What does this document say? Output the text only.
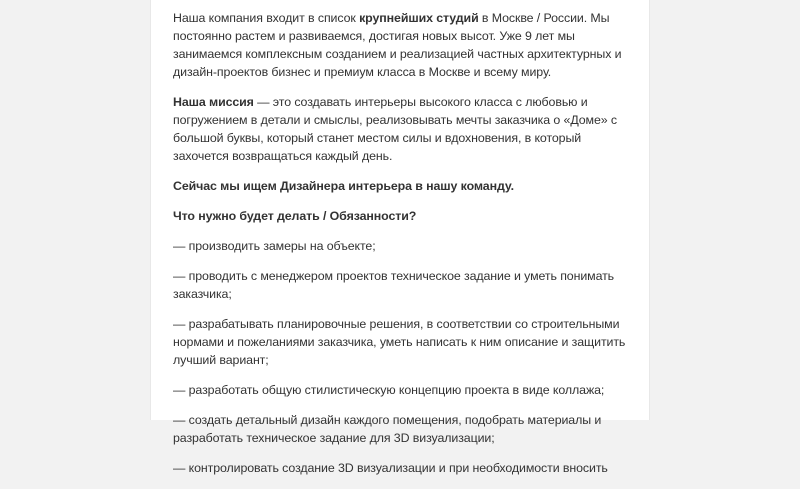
Наша компания входит в список крупнейших студий в Москве / России. Мы постоянно растем и развиваемся, достигая новых высот. Уже 9 лет мы занимаемся комплексным созданием и реализацией частных архитектурных и дизайн-проектов бизнес и премиум класса в Москве и всему миру.

Наша миссия — это создавать интерьеры высокого класса с любовью и погружением в детали и смыслы, реализовывать мечты заказчика о «Доме» с большой буквы, который станет местом силы и вдохновения, в который захочется возвращаться каждый день.

Сейчас мы ищем Дизайнера интерьера в нашу команду.

Что нужно будет делать / Обязанности?

— производить замеры на объекте;

— проводить с менеджером проектов техническое задание и уметь понимать заказчика;

— разрабатывать планировочные решения, в соответствии со строительными нормами и пожеланиями заказчика, уметь написать к ним описание и защитить лучший вариант;

— разработать общую стилистическую концепцию проекта в виде коллажа;

— создать детальный дизайн каждого помещения, подобрать материалы и разработать техническое задание для 3D визуализации;

— контролировать создание 3D визуализации и при необходимости вносить
